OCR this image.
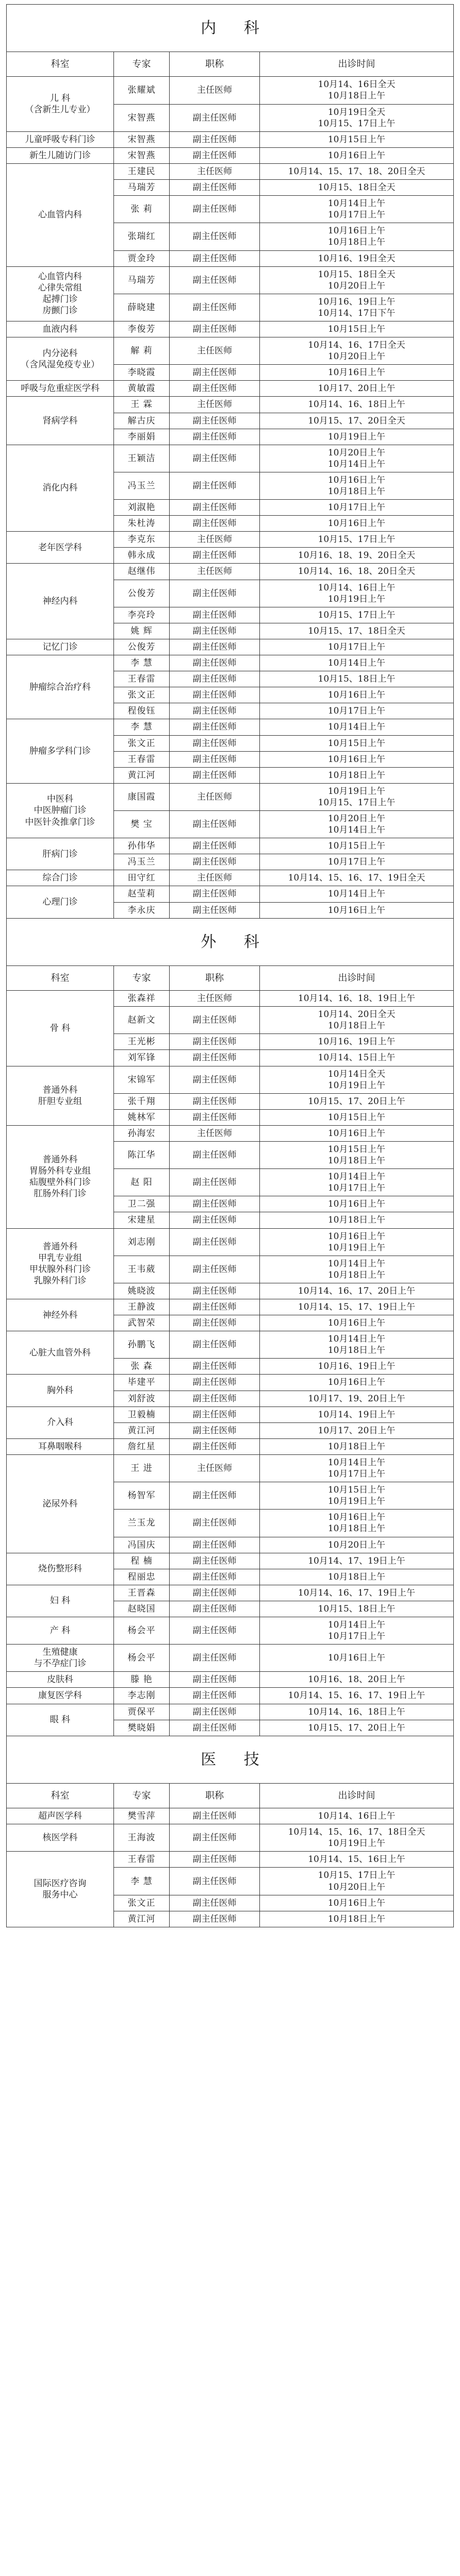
内 科			
科室	专家	职称	出诊时间

儿 科
（含新生儿专业）	张耀斌	主任医师	10月14、16日全天
10月18日上午

	宋智燕	副主任医师	10月19日全天
10月15、17日上午

儿童呼吸专科门诊	宋智燕	副主任医师	10月15日上午

新生儿随访门诊	宋智燕	副主任医师	10月16日上午

心血管内科	王建民	主任医师	10月14、15、17、18、20日全天

	马瑞芳	副主任医师	10月15、18日全天

	张 莉	副主任医师	10月14日上午
10月17日上午

	张瑞红	副主任医师	10月16日上午
10月18日上午

	贾金玲	副主任医师	10月16、19日全天

心血管内科
心律失常组
起搏门诊
房颤门诊	马瑞芳	副主任医师	10月15、18日全天
10月20日上午

	薛晓建	副主任医师	10月16、19日上午
10月14、17日下午

血液内科	李俊芳	副主任医师	10月15日上午

内分泌科
（含风湿免疫专业）	解 莉	主任医师	10月14、16、17日全天
10月20日上午

	李晓霞	副主任医师	10月16日上午

呼吸与危重症医学科	黄敏霞	副主任医师	10月17、20日上午

肾病学科	王 霖	主任医师	10月14、16、18日上午

	解古庆	副主任医师	10月15、17、20日全天

	李丽娟	副主任医师	10月19日上午

消化内科	王颖洁	副主任医师	10月20日上午
10月14日上午

	冯玉兰	副主任医师	10月16日上午
10月18日上午

	刘淑艳	副主任医师	10月17日上午

	朱杜涛	副主任医师	10月16日上午

老年医学科	李克东	主任医师	10月15、17日上午

	韩永成	副主任医师	10月16、18、19、20日全天

神经内科	赵继伟	主任医师	10月14、16、18、20日全天

	公俊芳	副主任医师	10月14、16日上午
10月19日上午

	李亮玲	副主任医师	10月15、17日上午

	姚 辉	副主任医师	10月15、17、18日全天

记忆门诊	公俊芳	副主任医师	10月17日上午

肿瘤综合治疗科	李 慧	副主任医师	10月14日上午

	王春雷	副主任医师	10月15、18日上午

	张文正	副主任医师	10月16日上午

	程俊钰	副主任医师	10月17日上午

肿瘤多学科门诊	李 慧	副主任医师	10月14日上午

	张文正	副主任医师	10月15日上午

	王春雷	副主任医师	10月16日上午

	黄江河	副主任医师	10月18日上午

中医科
中医肿瘤门诊
中医针灸推拿门诊	康国霞	主任医师	10月19日上午
10月15、17日上午

	樊 宝	副主任医师	10月20日上午
10月14日上午

肝病门诊	孙伟华	副主任医师	10月15日上午

	冯玉兰	副主任医师	10月17日上午

综合门诊	田守红	主任医师	10月14、15、16、17、19日全天

心理门诊	赵莹莉	副主任医师	10月14日上午

	李永庆	副主任医师	10月16日上午

外 科			
科室	专家	职称	出诊时间

骨 科	张森祥	主任医师	10月14、16、18、19日上午

	赵新文	副主任医师	10月14、20日全天
10月18日上午

	王光彬	副主任医师	10月16、19日上午

	刘军锋	副主任医师	10月14、15日上午

普通外科
肝胆专业组	宋锦军	副主任医师	10月14日全天
10月19日上午

	张千翔	副主任医师	10月15、17、20日上午

	姚林军	副主任医师	10月15日上午

普通外科
胃肠外科专业组
疝腹壁外科门诊
肛肠外科门诊	孙海宏	主任医师	10月16日上午

	陈江华	副主任医师	10月15日上午
10月18日上午

	赵 阳	副主任医师	10月14日上午
10月17日上午

	卫二强	副主任医师	10月16日上午

	宋建星	副主任医师	10月18日上午

普通外科
甲乳专业组
甲状腺外科门诊
乳腺外科门诊	刘志刚	副主任医师	10月16日上午
10月19日上午

	王韦葳	副主任医师	10月14日上午
10月18日上午

	姚晓波	副主任医师	10月14、16、17、20日上午

神经外科	王静波	副主任医师	10月14、15、17、19日上午

	武智荣	副主任医师	10月16日上午

心脏大血管外科	孙鹏飞	副主任医师	10月14日上午
10月18日上午

	张 森	副主任医师	10月16、19日上午

胸外科	毕建平	副主任医师	10月16日上午

	刘舒波	副主任医师	10月17、19、20日上午

介入科	卫毅楠	副主任医师	10月14、19日上午

	黄江河	副主任医师	10月17、20日上午

耳鼻咽喉科	詹红星	副主任医师	10月18日上午

泌尿外科	王 进	主任医师	10月14日上午
10月17日上午

	杨智军	副主任医师	10月15日上午
10月19日上午

	兰玉龙	副主任医师	10月16日上午
10月18日上午

	冯国庆	副主任医师	10月20日上午

烧伤整形科	程 楠	副主任医师	10月14、17、19日上午

	程丽忠	副主任医师	10月18日上午

妇 科	王晋森	副主任医师	10月14、16、17、19日上午

	赵晓国	副主任医师	10月15、18日上午

产 科	杨会平	副主任医师	10月14日上午
10月17日上午

生殖健康
与不孕症门诊	杨会平	副主任医师	10月16日上午

皮肤科	滕 艳	副主任医师	10月16、18、20日上午

康复医学科	李志刚	副主任医师	10月14、15、16、17、19日上午

眼 科	贾保平	副主任医师	10月14、16、18日上午

	樊晓娟	副主任医师	10月15、17、20日上午

医 技			
科室	专家	职称	出诊时间

超声医学科	樊雪萍	副主任医师	10月14、16日上午

核医学科	王海波	副主任医师	10月14、15、16、17、18日全天
10月19日上午

国际医疗咨询
服务中心	王春雷	副主任医师	10月14、15、16日上午

	李 慧	副主任医师	10月15、17日上午
10月20日上午

	张文正	副主任医师	10月16日上午

	黄江河	副主任医师	10月18日上午
